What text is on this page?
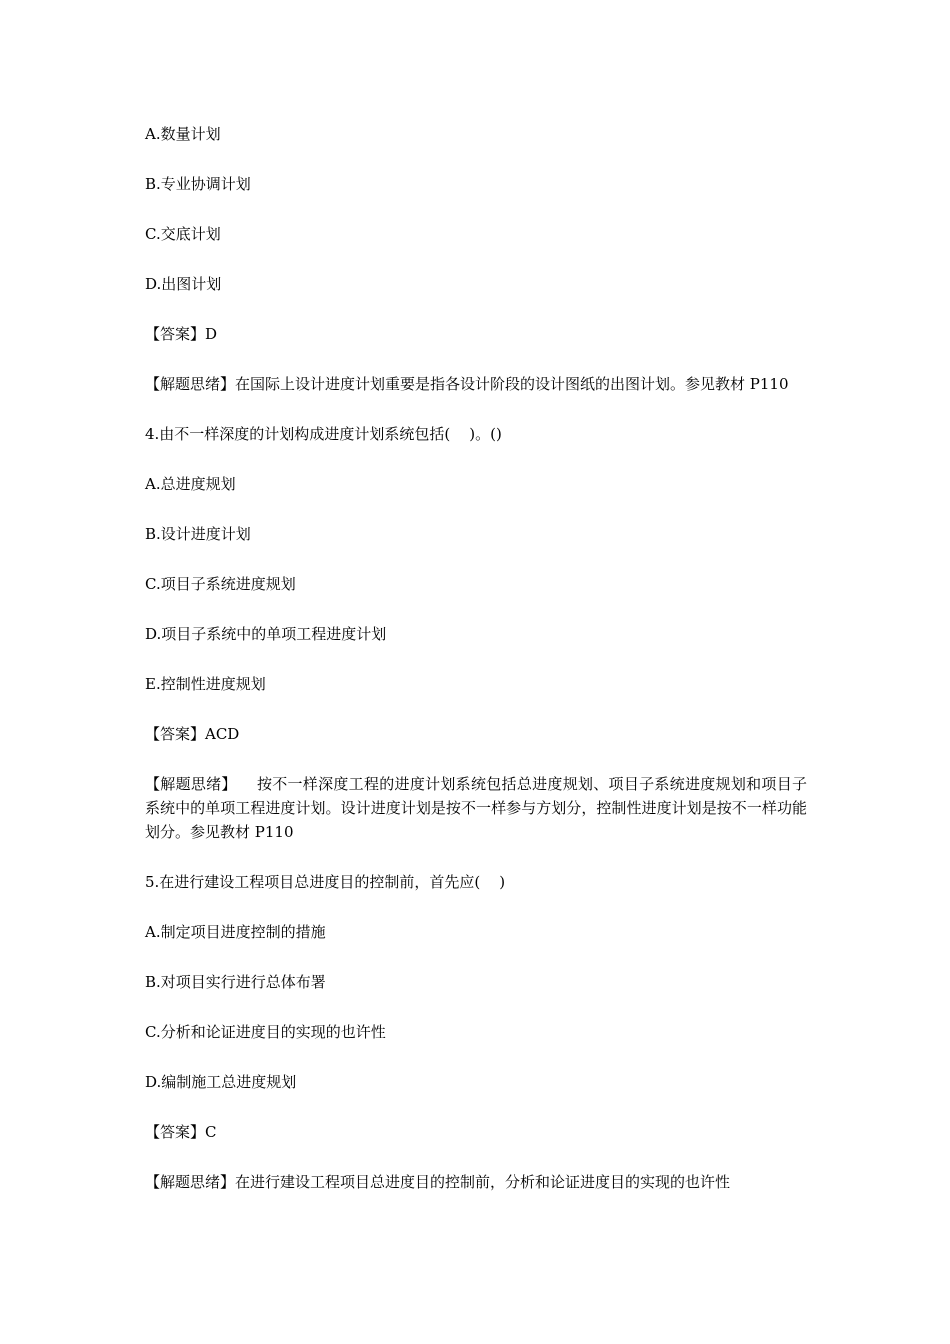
A.数量计划

B.专业协调计划

C.交底计划

D.出图计划

【答案】D

【解题思绪】在国际上设计进度计划重要是指各设计阶段的设计图纸的出图计划。参见教材 P110

4.由不一样深度的计划构成进度计划系统包括(    )。()

A.总进度规划

B.设计进度计划

C.项目子系统进度规划

D.项目子系统中的单项工程进度计划

E.控制性进度规划

【答案】ACD

【解题思绪】    按不一样深度工程的进度计划系统包括总进度规划、项目子系统进度规划和项目子系统中的单项工程进度计划。设计进度计划是按不一样参与方划分，控制性进度计划是按不一样功能划分。参见教材 P110

5.在进行建设工程项目总进度目的控制前，首先应(    )

A.制定项目进度控制的措施

B.对项目实行进行总体布署

C.分析和论证进度目的实现的也许性

D.编制施工总进度规划

【答案】C

【解题思绪】在进行建设工程项目总进度目的控制前，分析和论证进度目的实现的也许性
